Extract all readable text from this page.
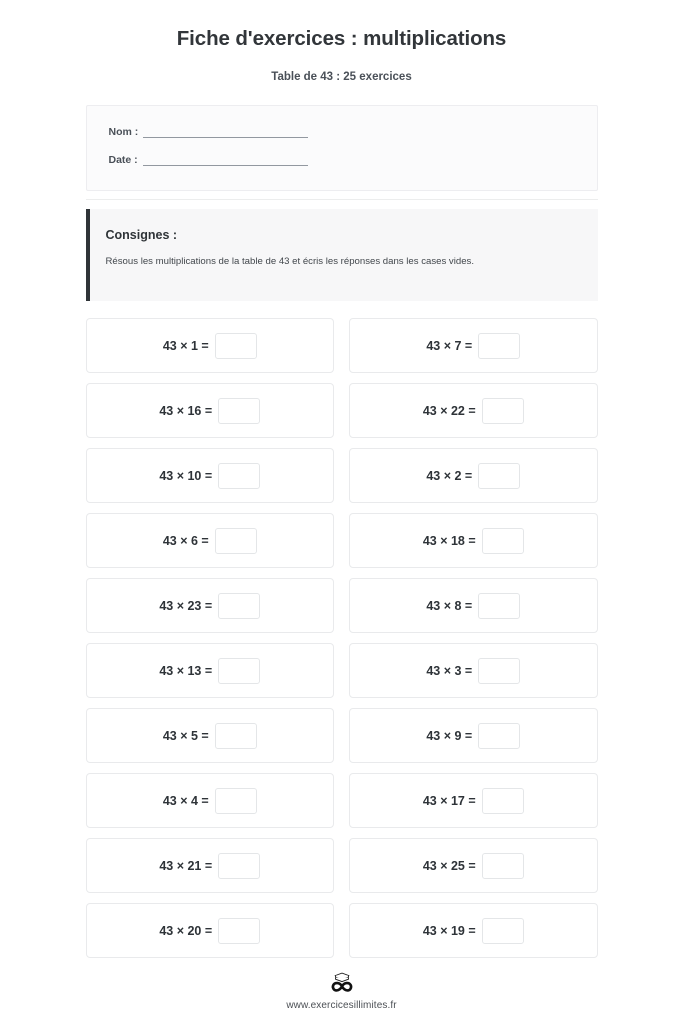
Fiche d'exercices : multiplications

Table de 43 : 25 exercices

Nom :
Date :
Consignes :

Résous les multiplications de la table de 43 et écris les réponses dans les cases vides.

43 × 1 =	43 × 7 =
43 × 16 =	43 × 22 =
43 × 10 =	43 × 2 =
43 × 6 =	43 × 18 =
43 × 23 =	43 × 8 =
43 × 13 =	43 × 3 =
43 × 5 =	43 × 9 =
43 × 4 =	43 × 17 =
43 × 21 =	43 × 25 =
43 × 20 =	43 × 19 =

www.exercicesillimites.fr
